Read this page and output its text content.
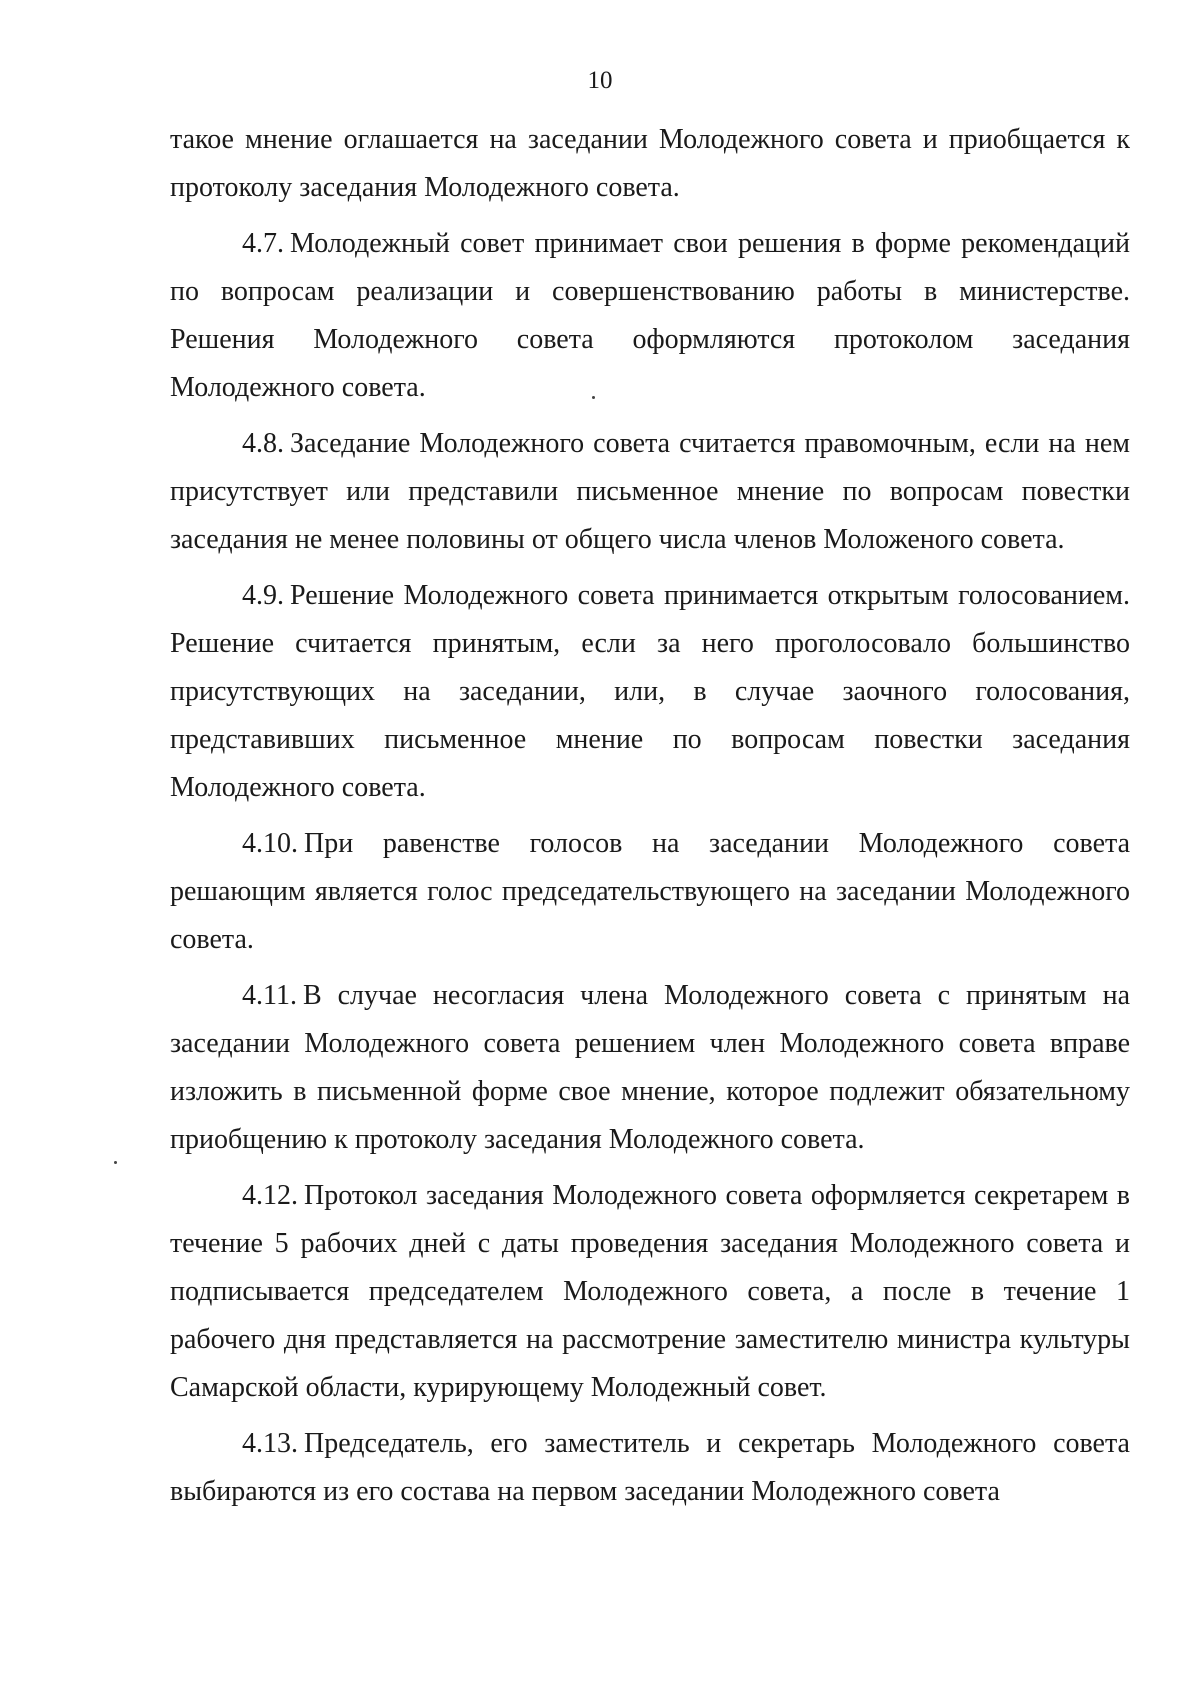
10

такое мнение оглашается на заседании Молодежного совета и приобщается к протоколу заседания Молодежного совета.

4.7. Молодежный совет принимает свои решения в форме рекомендаций по вопросам реализации и совершенствованию работы в министерстве. Решения Молодежного совета оформляются протоколом заседания Молодежного совета.

4.8. Заседание Молодежного совета считается правомочным, если на нем присутствует или представили письменное мнение по вопросам повестки заседания не менее половины от общего числа членов Моложеного совета.

4.9. Решение Молодежного совета принимается открытым голосованием. Решение считается принятым, если за него проголосовало большинство присутствующих на заседании, или, в случае заочного голосования, представивших письменное мнение по вопросам повестки заседания Молодежного совета.

4.10. При равенстве голосов на заседании Молодежного совета решающим является голос председательствующего на заседании Молодежного совета.

4.11. В случае несогласия члена Молодежного совета с принятым на заседании Молодежного совета решением член Молодежного совета вправе изложить в письменной форме свое мнение, которое подлежит обязательному приобщению к протоколу заседания Молодежного совета.

4.12. Протокол заседания Молодежного совета оформляется секретарем в течение 5 рабочих дней с даты проведения заседания Молодежного совета и подписывается председателем Молодежного совета, а после в течение 1 рабочего дня представляется на рассмотрение заместителю министра культуры Самарской области, курирующему Молодежный совет.

4.13. Председатель, его заместитель и секретарь Молодежного совета выбираются из его состава на первом заседании Молодежного совета
